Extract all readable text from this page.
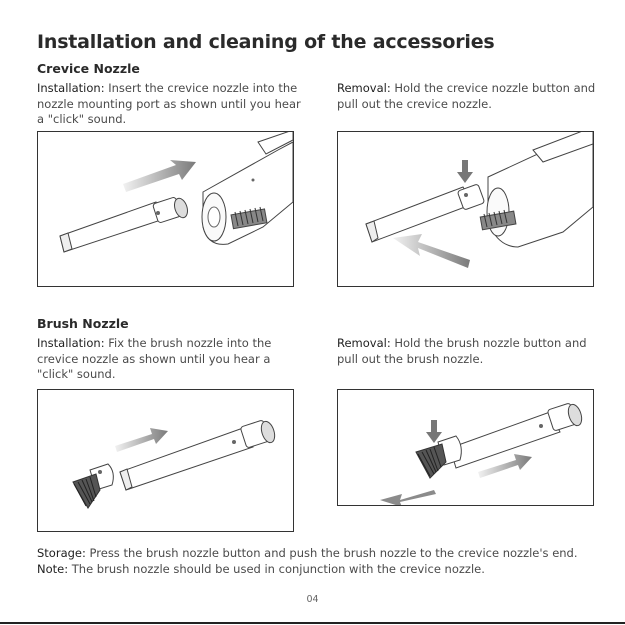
Installation and cleaning of the accessories
Crevice Nozzle
Installation: Insert the crevice nozzle into the nozzle mounting port as shown until you hear a "click" sound.
Removal: Hold the crevice nozzle button and pull out the crevice nozzle.
Brush Nozzle
Installation: Fix the brush nozzle into the crevice nozzle as shown until you hear a "click" sound.
Removal: Hold the brush nozzle button and pull out the brush nozzle.
Storage: Press the brush nozzle button and push the brush nozzle to the crevice nozzle's end.
Note: The brush nozzle should be used in conjunction with the crevice nozzle.
04
